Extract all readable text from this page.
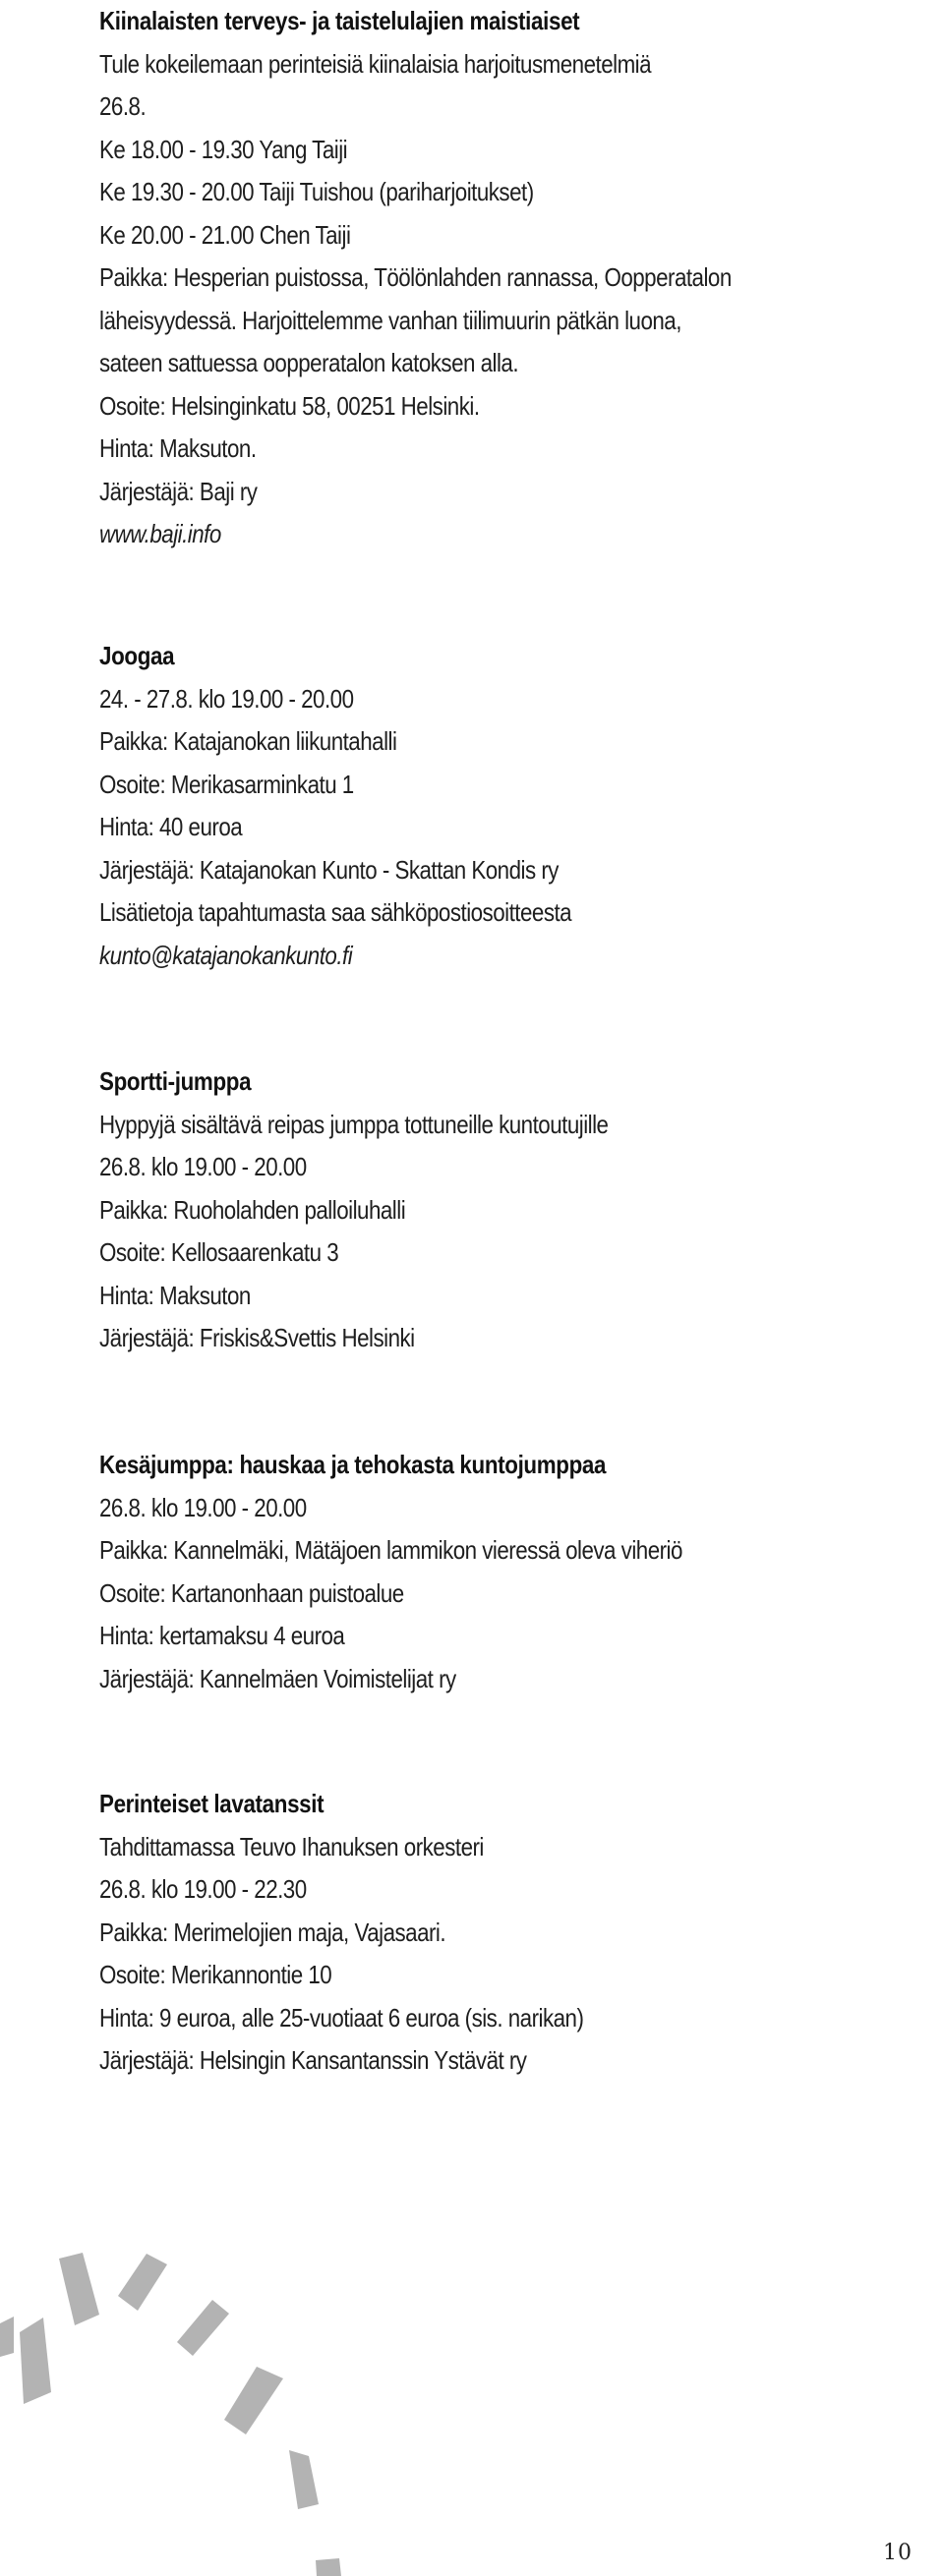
Kiinalaisten terveys- ja taistelulajien maistiaiset
Tule kokeilemaan perinteisiä kiinalaisia harjoitusmenetelmiä
26.8.
Ke 18.00 - 19.30 Yang Taiji
Ke 19.30 - 20.00 Taiji Tuishou (pariharjoitukset)
Ke 20.00 - 21.00 Chen Taiji
Paikka: Hesperian puistossa, Töölönlahden rannassa, Oopperatalon
läheisyydessä. Harjoittelemme vanhan tiilimuurin pätkän luona,
sateen sattuessa oopperatalon katoksen alla.
Osoite: Helsinginkatu 58, 00251 Helsinki.
Hinta: Maksuton.
Järjestäjä: Baji ry
www.baji.info
Joogaa
24. - 27.8. klo 19.00 - 20.00
Paikka: Katajanokan liikuntahalli
Osoite: Merikasarminkatu 1
Hinta: 40 euroa
Järjestäjä: Katajanokan Kunto - Skattan Kondis ry
Lisätietoja tapahtumasta saa sähköpostiosoitteesta
kunto@katajanokankunto.fi
Sportti-jumppa
Hyppyjä sisältävä reipas jumppa tottuneille kuntoutujille
26.8. klo 19.00 - 20.00
Paikka: Ruoholahden palloiluhalli
Osoite: Kellosaarenkatu 3
Hinta: Maksuton
Järjestäjä: Friskis&Svettis Helsinki
Kesäjumppa: hauskaa ja tehokasta kuntojumppaa
26.8. klo 19.00 - 20.00
Paikka: Kannelmäki, Mätäjoen lammikon vieressä oleva viheriö
Osoite: Kartanonhaan puistoalue
Hinta: kertamaksu 4 euroa
Järjestäjä: Kannelmäen Voimistelijat ry
Perinteiset lavatanssit
Tahdittamassa Teuvo Ihanuksen orkesteri
26.8. klo 19.00 - 22.30
Paikka: Merimelojien maja, Vajasaari.
Osoite: Merikannontie 10
Hinta: 9 euroa, alle 25-vuotiaat 6 euroa (sis. narikan)
Järjestäjä: Helsingin Kansantanssin Ystävät ry
10
